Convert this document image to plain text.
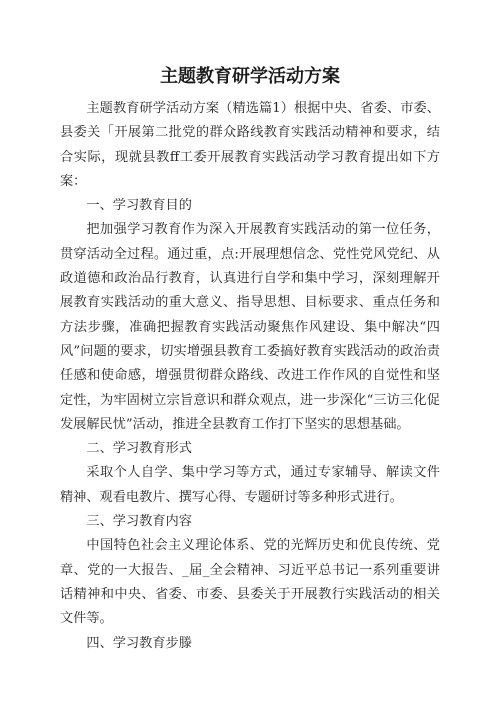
主题教育研学活动方案

主题教育研学活动方案（精选篇1）根据中央、省委、市委、县委关「开展第二批党的群众路线教育实践活动精神和要求，结合实际，现就县教ff工委开展教育实践活动学习教育提出如下方案：

一、学习教育目的

把加强学习教育作为深入开展教育实践活动的第一位任务，贯穿活动全过程。通过重，点:开展理想信念、党性党风党纪、从政道德和政治品行教育，认真进行自学和集中学习，深刻理解开展教育实践活动的重大意义、指导思想、目标要求、重点任务和方法步骤，准确把握教育实践活动聚焦作风建设、集中解决“四风”问题的要求，切实增强县教育工委搞好教育实践活动的政治责任感和使命感，增强贯彻群众路线、改进工作作风的自觉性和坚定性，为牢固树立宗旨意识和群众观点，进一步深化“三访三化促发展解民忧”活动，推进全县教育工作打下坚实的思想基础。

二、学习教育形式

采取个人自学、集中学习等方式，通过专家辅导、解读文件精神、观看电教片、撰写心得、专题研讨等多种形式进行。

三、学习教育内容

中国特色社会主义理论体系、党的光辉历史和优良传统、党章、党的一大报告、_届_全会精神、习近平总书记一系列重要讲话精神和中央、省委、市委、县委关于开展教行实践活动的相关文件等。

四、学习教育步滕
